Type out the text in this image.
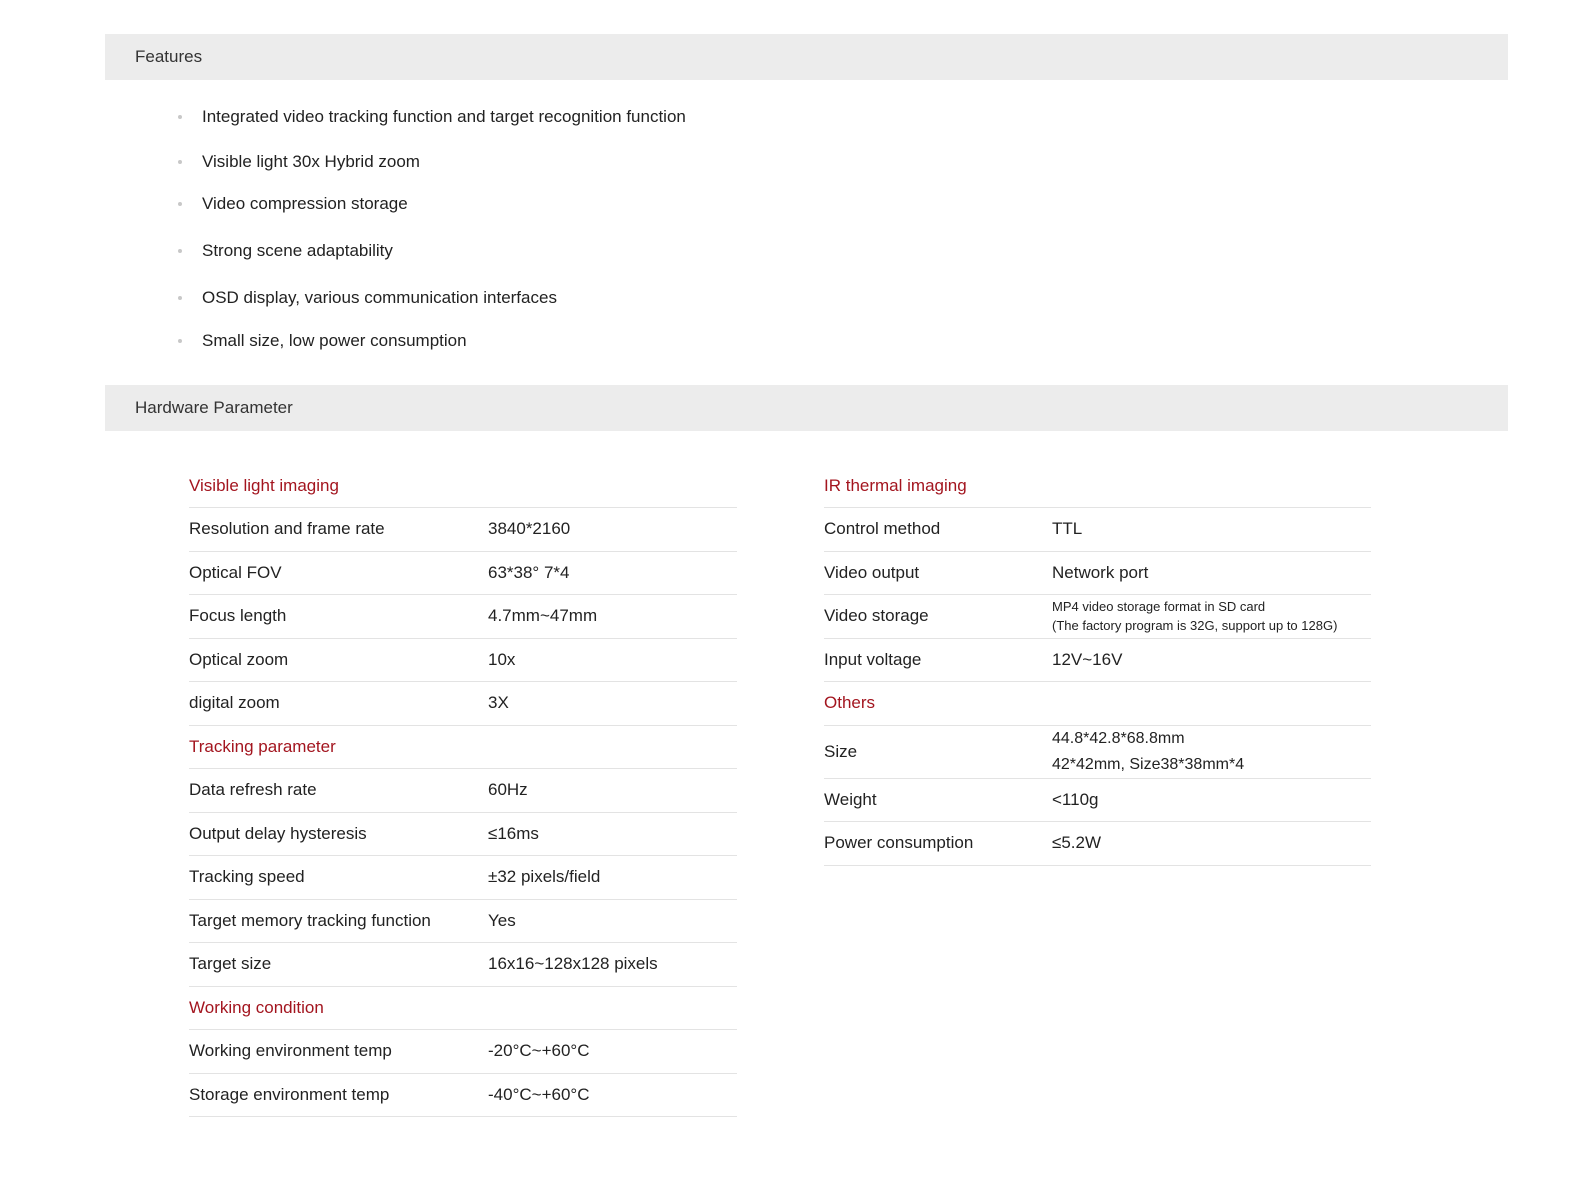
Features
Integrated video tracking function and target recognition function
Visible light 30x Hybrid zoom
Video compression storage
Strong scene adaptability
OSD display, various communication interfaces
Small size, low power consumption
Hardware Parameter
Visible light imaging	
Resolution and frame rate	3840*2160
Optical FOV	63*38° 7*4
Focus length	4.7mm~47mm
Optical zoom	10x
digital zoom	3X
Tracking parameter	
Data refresh rate	60Hz
Output delay hysteresis	≤16ms
Tracking speed	±32 pixels/field
Target memory tracking function	Yes
Target size	16x16~128x128 pixels
Working condition	
Working environment temp	-20°C~+60°C
Storage environment temp	-40°C~+60°C
IR thermal imaging	
Control method	TTL
Video output	Network port
Video storage	MP4 video storage format in SD card
(The factory program is 32G, support up to 128G)

Input voltage	12V~16V
Others	
Size	44.8*42.8*68.8mm
42*42mm, Size38*38mm*4

Weight	<110g
Power consumption	≤5.2W
